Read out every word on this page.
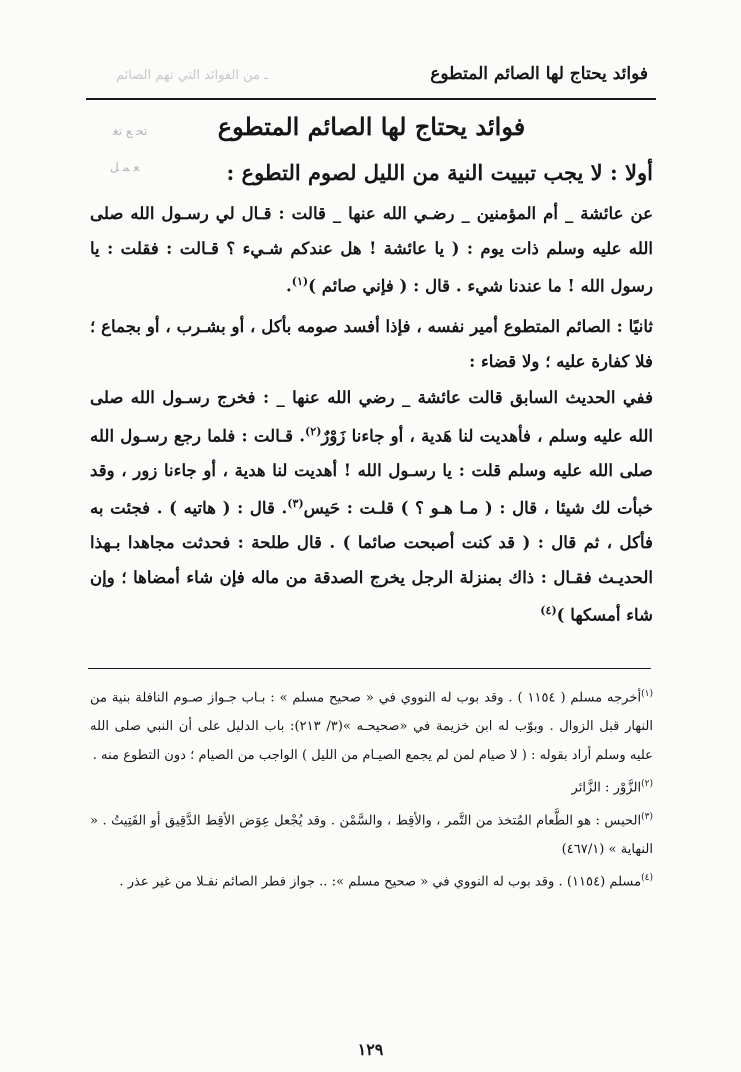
فوائد يحتاج لها الصائم المتطوع
ـ من الفوائد التي تهم الصائم
ﺗﺤ ﻊ ﺗﻐ
ﻌ ﻤ ﻞ
فوائد يحتاج لها الصائم المتطوع
أولا : لا يجب تبييت النية من الليل لصوم التطوع :

عن عائشة _ أم المؤمنين _ رضـي الله عنها _ قالت : قـال لي رسـول الله صلى الله عليه وسلم ذات يوم : ( يا عائشة ! هل عندكم شـيء ؟ قـالت : فقلت : يا رسول الله ! ما عندنا شيء . قال : ( فإني صائم )$^{(١)}$.

ثانيًا : الصائم المتطوع أمير نفسه ، فإذا أفسد صومه بأكل ، أو بشـرب ، أو بجماع ؛ فلا كفارة عليه ؛ ولا قضاء :

ففي الحديث السابق قالت عائشة _ رضي الله عنها _ : فخرج رسـول الله صلى الله عليه وسلم ، فأهديت لنا هَدية ، أو جاءنا زَوْرٌ$^{(٢)}$. قـالت : فلما رجع رسـول الله صلى الله عليه وسلم قلت : يا رسـول الله ! أهديت لنا هدية ، أو جاءنا زور ، وقد خبأت لك شيئا ، قال : ( مـا هـو ؟ ) قلـت : حَيس$^{(٣)}$. قال : ( هاتيه ) . فجئت به فأكل ، ثم قال : ( قد كنت أصبحت صائما ) . قال طلحة : فحدثت مجاهدا بـهذا الحديـث فقـال : ذاك بمنزلة الرجل يخرج الصدقة من ماله فإن شاء أمضاها ؛ وإن شاء أمسكها )$^{(٤)}$

$^{(١)}$أخرجه مسلم ( ١١٥٤ ) . وقد بوب له النووي في « صحيح مسلم » : بـاب جـواز صـوم النافلة بنية من النهار قبل الزوال . وبوّب له ابن خزيمة في «صحيحـه »(٣/ ٢١٣): باب الدليل على أن النبي صلى الله عليه وسلم أراد بقوله : ( لا صيام لمن لم يجمع الصيـام من الليل ) الواجب من الصيام ؛ دون التطوع منه .

$^{(٢)}$الزَّوْر : الزَّائر

$^{(٣)}$الحيس : هو الطَّعام المُتخذ من التَّمر ، والأقِط ، والسَّمْن . وقد يُجْعل عِوَض الأقِط الدَّقِيق أو الفَتِيتُ . « النهاية » (٤٦٧/١)

$^{(٤)}$مسلم (١١٥٤) . وقد بوب له النووي في « صحيح مسلم »: .. جواز فطر الصائم نفـلا من غير عذر .

١٢٩
